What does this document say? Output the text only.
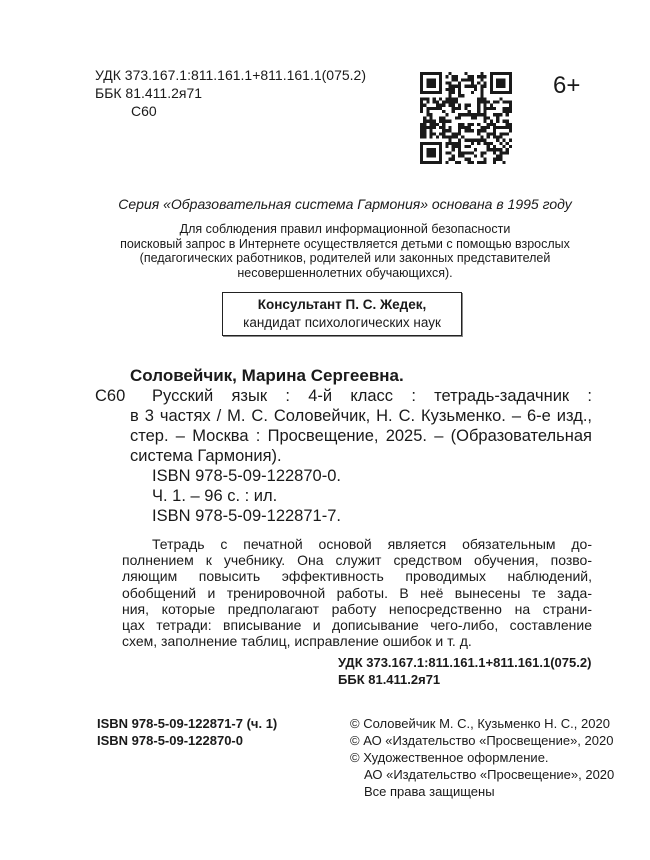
УДК 373.167.1:811.161.1+811.161.1(075.2)
ББК 81.411.2я71
С60
6+
Серия «Образовательная система Гармония» основана в 1995 году
Для соблюдения правил информационной безопасности
поисковый запрос в Интернете осуществляется детьми с помощью взрослых
(педагогических работников, родителей или законных представителей
несовершеннолетних обучающихся).
Консультант П. С. Жедек,
кандидат психологических наук
Соловейчик, Марина Сергеевна.
С60	Русский язык : 4-й класс : тетрадь-задачник :
в 3 частях / М. С. Соловейчик, Н. С. Кузьменко. – 6-е изд.,
стер. – Москва : Просвещение, 2025. – (Образовательная
система Гармония).
ISBN 978-5-09-122870-0.
Ч. 1. – 96 с. : ил.
ISBN 978-5-09-122871-7.
Тетрадь с печатной основой является обязательным до-
полнением к учебнику. Она служит средством обучения, позво-
ляющим повысить эффективность проводимых наблюдений,
обобщений и тренировочной работы. В неё вынесены те зада-
ния, которые предполагают работу непосредственно на страни-
цах тетради: вписывание и дописывание чего-либо, составление
схем, заполнение таблиц, исправление ошибок и т. д.
УДК 373.167.1:811.161.1+811.161.1(075.2)
ББК 81.411.2я71
ISBN 978-5-09-122871-7 (ч. 1)
ISBN 978-5-09-122870-0
© Соловейчик М. С., Кузьменко Н. С., 2020
© АО «Издательство «Просвещение», 2020
© Художественное оформление.
АО «Издательство «Просвещение», 2020
Все права защищены
